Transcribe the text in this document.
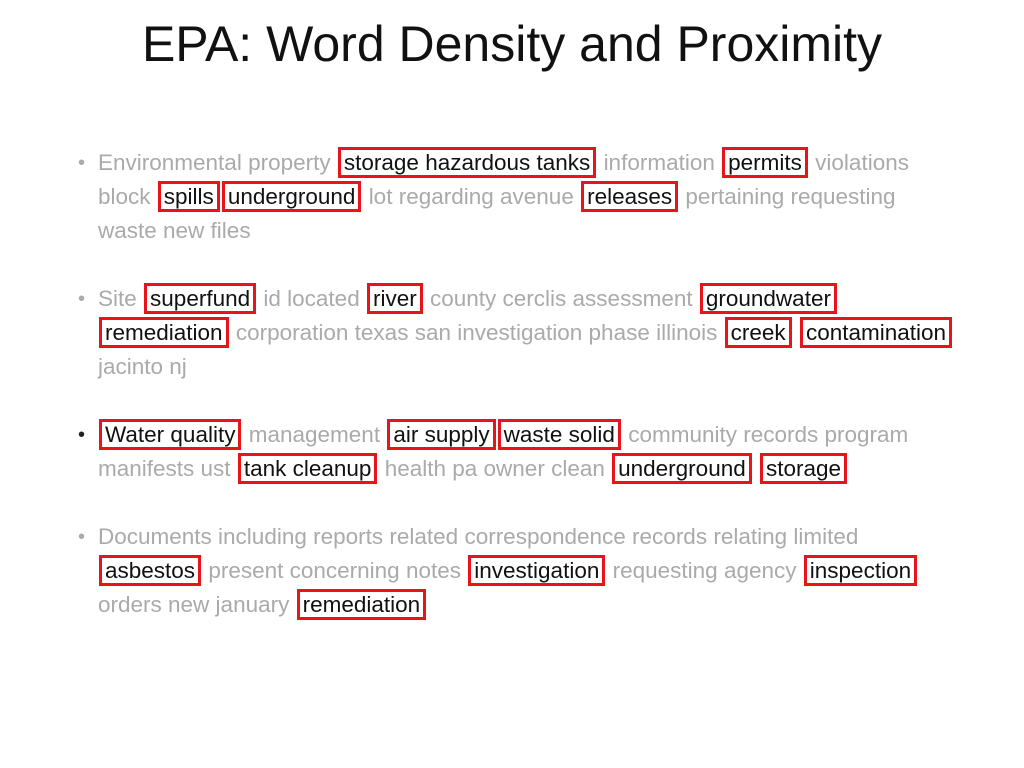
EPA: Word Density and Proximity
• Environmental property storage hazardous tanks information permits violations block spills underground lot regarding avenue releases pertaining requesting waste new files
• Site superfund id located river county cerclis assessment groundwater remediation corporation texas san investigation phase illinois creek contamination jacinto nj
• Water quality management air supply waste solid community records program manifests ust tank cleanup health pa owner clean underground storage
• Documents including reports related correspondence records relating limited asbestos present concerning notes investigation requesting agency inspection orders new january remediation
